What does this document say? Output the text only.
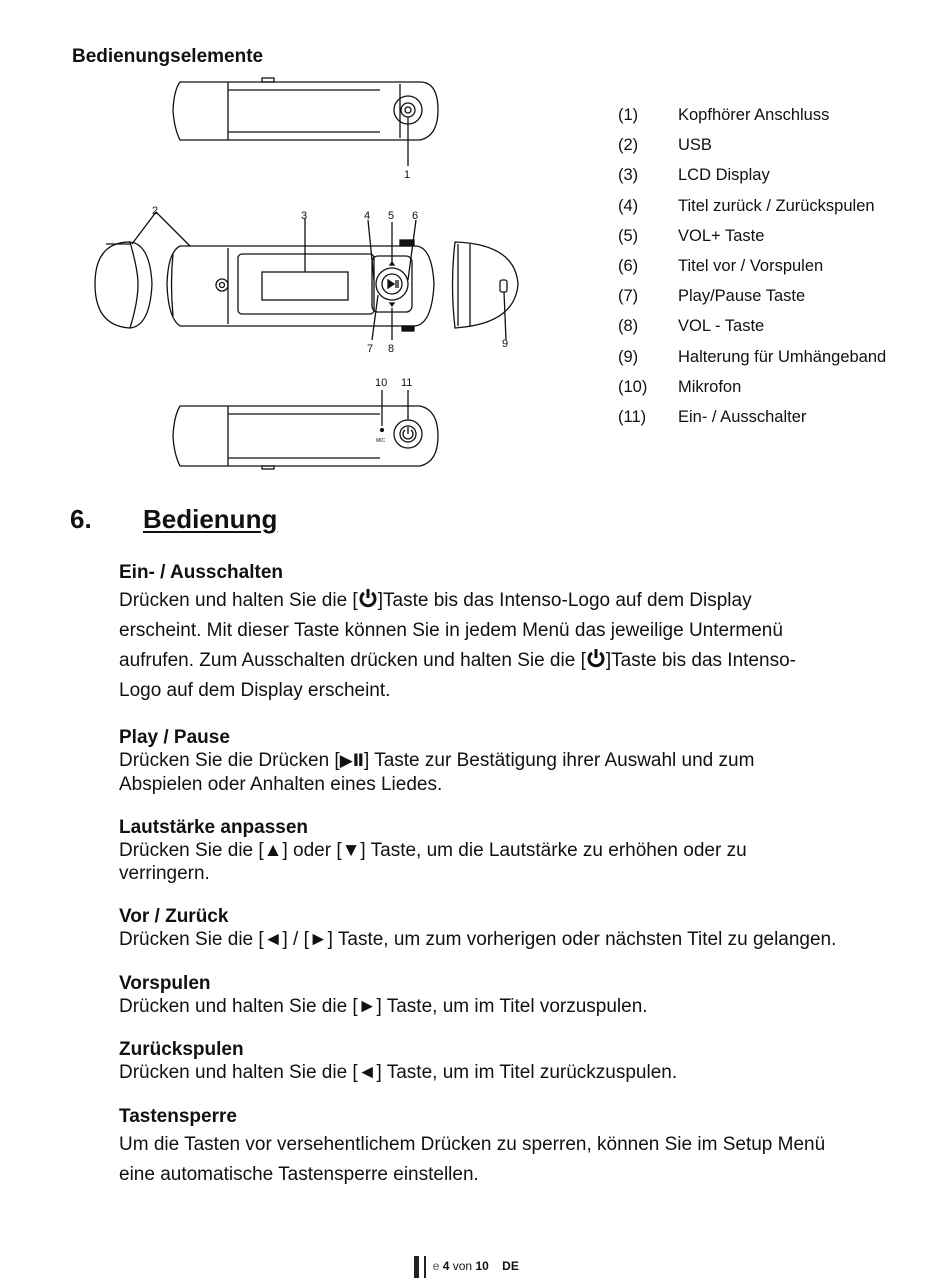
Bedienungselemente
1
2	3	4 5 6
7 8	9
10 11
MIC
(1) Kopfhörer Anschluss
(2) USB
(3) LCD Display
(4) Titel zurück / Zurückspulen
(5) VOL+ Taste
(6) Titel vor / Vorspulen
(7) Play/Pause Taste
(8) VOL - Taste
(9) Halterung für Umhängeband
(10) Mikrofon
(11) Ein- / Ausschalter
6. Bedienung
Ein- / Ausschalten
Drücken und halten Sie die [ ]Taste bis das Intenso-Logo auf dem Display
erscheint. Mit dieser Taste können Sie in jedem Menü das jeweilige Untermenü
aufrufen. Zum Ausschalten drücken und halten Sie die [ ]Taste bis das Intenso-
Logo auf dem Display erscheint.
Play / Pause
Drücken Sie die Drücken [▶Ⅱ] Taste zur Bestätigung ihrer Auswahl und zum
Abspielen oder Anhalten eines Liedes.
Lautstärke anpassen
Drücken Sie die [▲] oder [▼] Taste, um die Lautstärke zu erhöhen oder zu
verringern.
Vor / Zurück
Drücken Sie die [◄] / [►] Taste, um zum vorherigen oder nächsten Titel zu gelangen.
Vorspulen
Drücken und halten Sie die [►] Taste, um im Titel vorzuspulen.
Zurückspulen
Drücken und halten Sie die [◄] Taste, um im Titel zurückzuspulen.
Tastensperre
Um die Tasten vor versehentlichem Drücken zu sperren, können Sie im Setup Menü
eine automatische Tastensperre einstellen.
e 4 von 10 DE
